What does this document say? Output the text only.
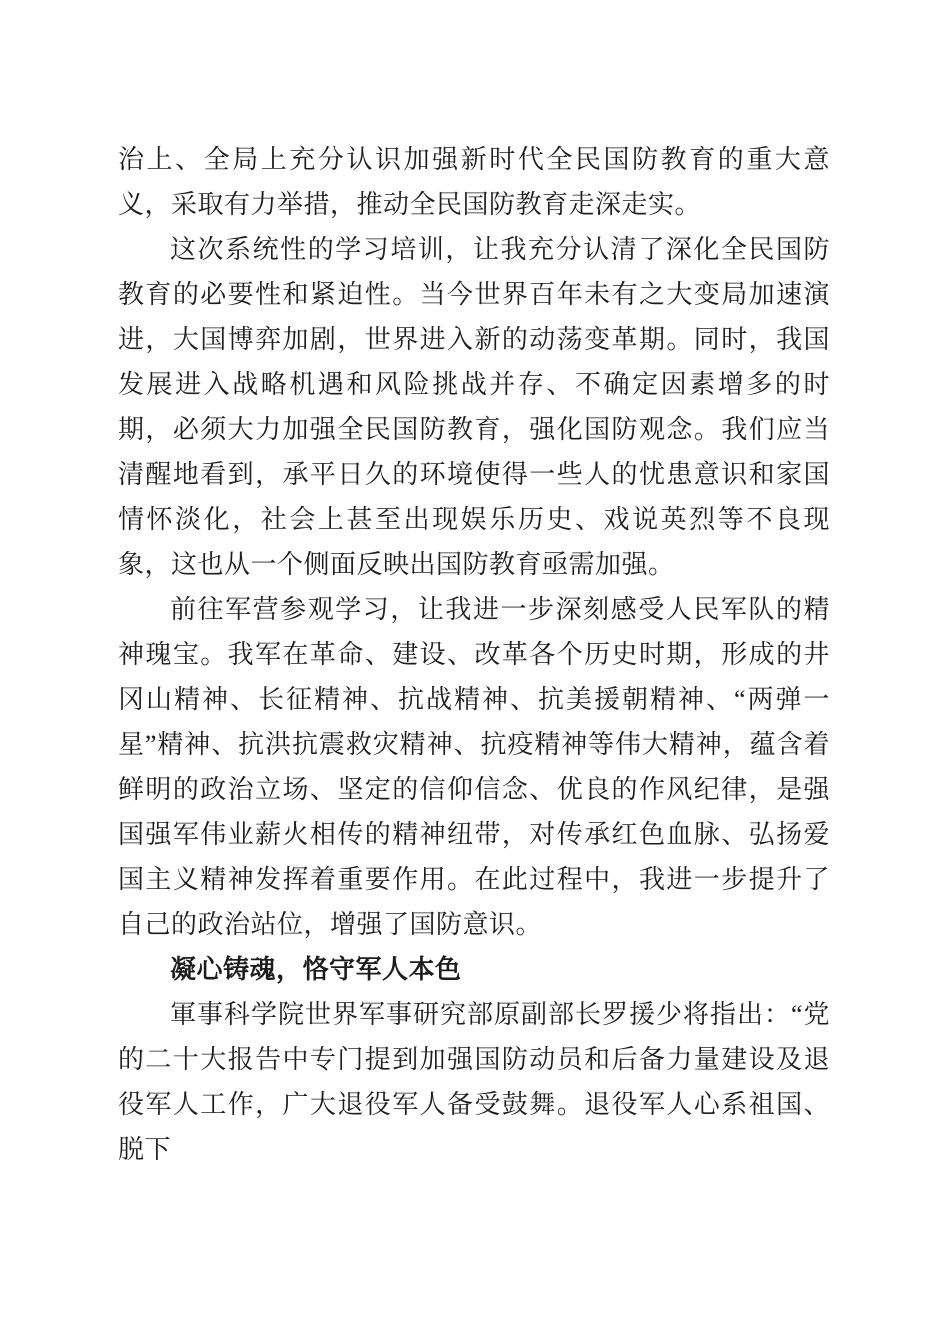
治上、全局上充分认识加强新时代全民国防教育的重大意义，采取有力举措，推动全民国防教育走深走实。

这次系统性的学习培训，让我充分认清了深化全民国防教育的必要性和紧迫性。当今世界百年未有之大变局加速演进，大国博弈加剧，世界进入新的动荡变革期。同时，我国发展进入战略机遇和风险挑战并存、不确定因素增多的时期，必须大力加强全民国防教育，强化国防观念。我们应当清醒地看到，承平日久的环境使得一些人的忧患意识和家国情怀淡化，社会上甚至出现娱乐历史、戏说英烈等不良现象，这也从一个侧面反映出国防教育亟需加强。

前往军营参观学习，让我进一步深刻感受人民军队的精神瑰宝。我军在革命、建设、改革各个历史时期，形成的井冈山精神、长征精神、抗战精神、抗美援朝精神、“两弹一星”精神、抗洪抗震救灾精神、抗疫精神等伟大精神，蕴含着鲜明的政治立场、坚定的信仰信念、优良的作风纪律，是强国强军伟业薪火相传的精神纽带，对传承红色血脉、弘扬爱国主义精神发挥着重要作用。在此过程中，我进一步提升了自己的政治站位，增强了国防意识。

凝心铸魂，恪守军人本色

軍事科学院世界军事研究部原副部长罗援少将指出：“党的二十大报告中专门提到加强国防动员和后备力量建设及退役军人工作，广大退役军人备受鼓舞。退役军人心系祖国、脱下
